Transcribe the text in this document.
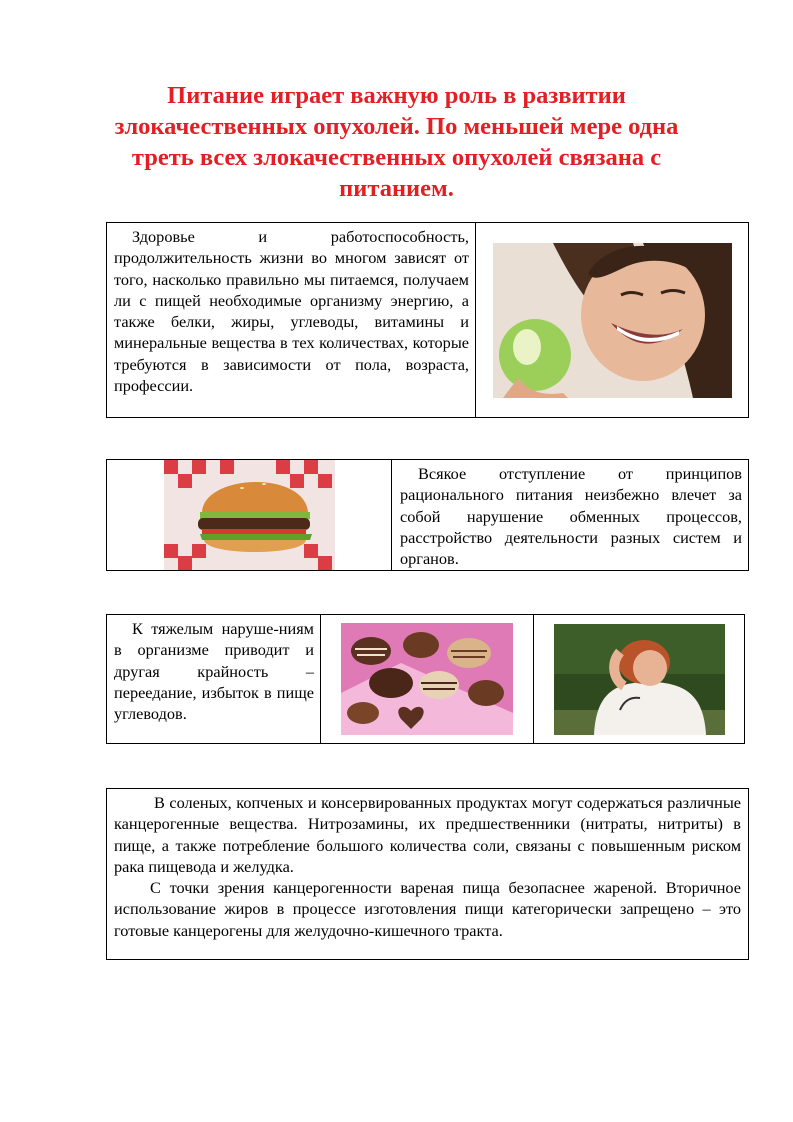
Питание играет важную роль в развитии злокачественных опухолей. По меньшей мере одна треть всех злокачественных опухолей связана с питанием.

Здоровье и работоспособность, продолжительность жизни во многом зависят от того, насколько правильно мы питаемся, получаем ли с пищей необходимые организму энергию, а также белки, жиры, углеводы, витамины и минеральные вещества в тех количествах, которые требуются в зависимости от пола, возраста, профессии.

Всякое отступление от принципов рационального питания неизбежно влечет за собой нарушение обменных процессов, расстройство деятельности разных систем и органов.

К тяжелым наруше-ниям в организме приводит и другая крайность – переедание, избыток в пище углеводов.

В соленых, копченых и консервированных продуктах могут содержаться различные канцерогенные вещества. Нитрозамины, их предшественники (нитраты, нитриты) в пище, а также потребление большого количества соли, связаны с повышенным риском рака пищевода и желудка.

С точки зрения канцерогенности вареная пища безопаснее жареной. Вторичное использование жиров в процессе изготовления пищи категорически запрещено – это готовые канцерогены для желудочно-кишечного тракта.
